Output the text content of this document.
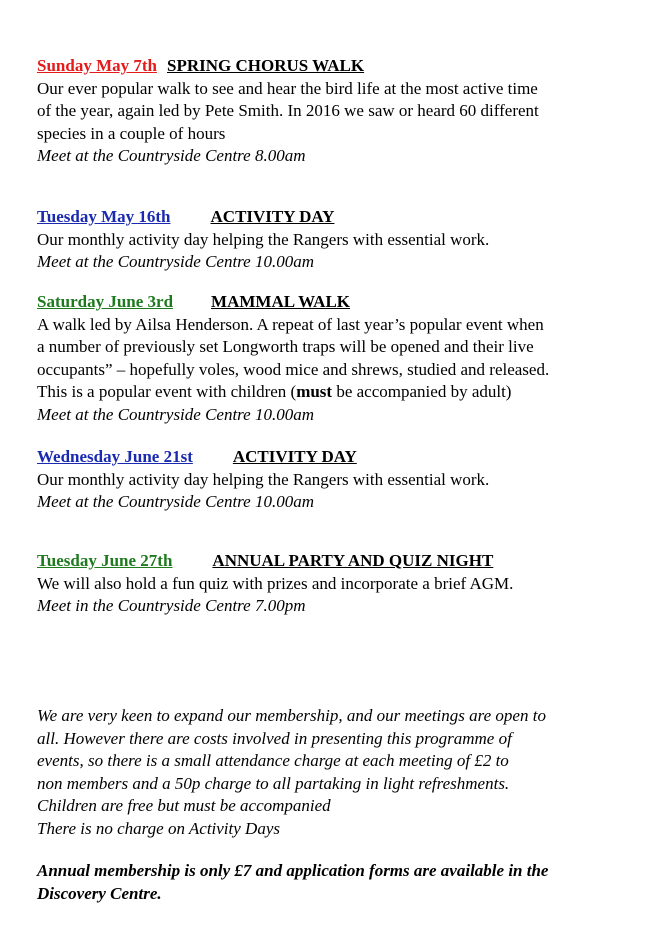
Sunday May 7th SPRING CHORUS WALK

Our ever popular walk to see and hear the bird life at the most active time

of the year, again led by Pete Smith. In 2016 we saw or heard 60 different

species in a couple of hours

Meet at the Countryside Centre 8.00am
Tuesday May 16th ACTIVITY DAY

Our monthly activity day helping the Rangers with essential work.

Meet at the Countryside Centre 10.00am
Saturday June 3rd MAMMAL WALK

A walk led by Ailsa Henderson. A repeat of last year’s popular event when

a number of previously set Longworth traps will be opened and their live

occupants” – hopefully voles, wood mice and shrews, studied and released.

This is a popular event with children (must be accompanied by adult)

Meet at the Countryside Centre 10.00am
Wednesday June 21st ACTIVITY DAY

Our monthly activity day helping the Rangers with essential work.

Meet at the Countryside Centre 10.00am
Tuesday June 27th ANNUAL PARTY AND QUIZ NIGHT

We will also hold a fun quiz with prizes and incorporate a brief AGM.

Meet in the Countryside Centre 7.00pm

We are very keen to expand our membership, and our meetings are open to

all. However there are costs involved in presenting this programme of

events, so there is a small attendance charge at each meeting of £2 to

non members and a 50p charge to all partaking in light refreshments.

Children are free but must be accompanied

There is no charge on Activity Days

Annual membership is only £7 and application forms are available in the
Discovery Centre.
